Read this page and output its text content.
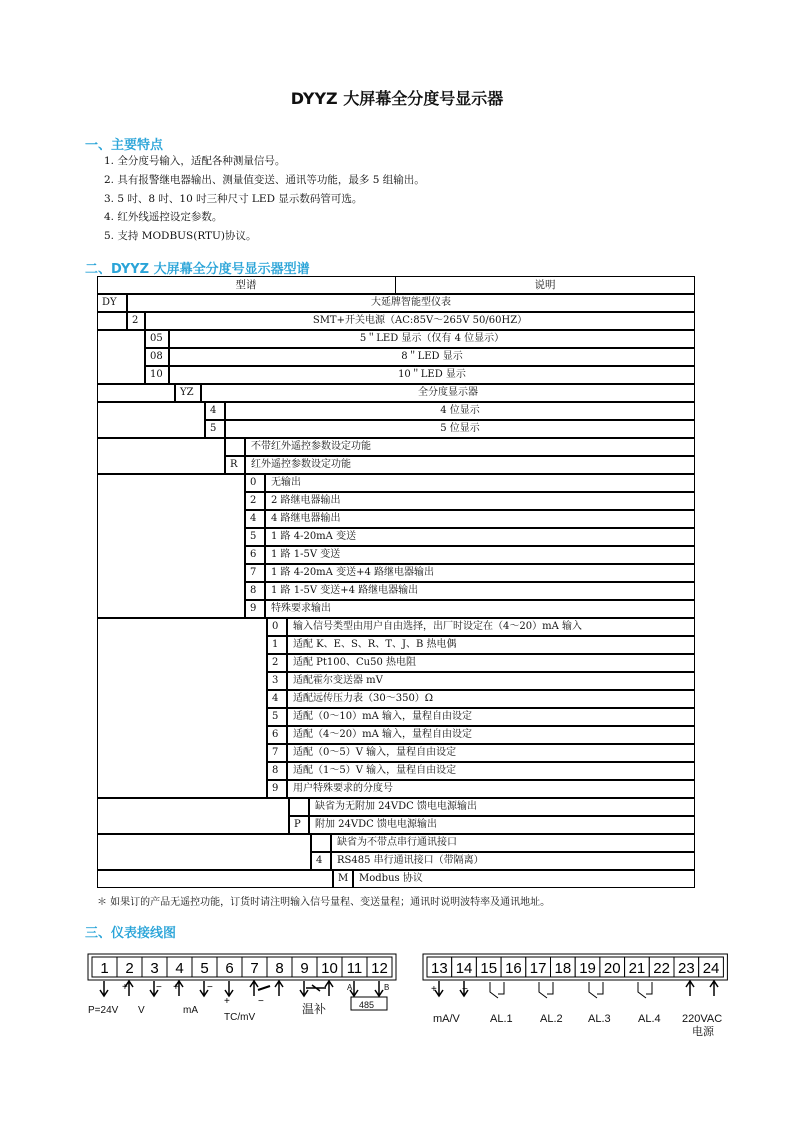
DYYZ 大屏幕全分度号显示器
一、主要特点
1. 全分度号输入，适配各种测量信号。
2. 具有报警继电器输出、测量值变送、通讯等功能，最多 5 组输出。
3. 5 吋、8 吋、10 吋三种尺寸 LED 显示数码管可选。
4. 红外线遥控设定参数。
5. 支持 MODBUS(RTU)协议。
二、DYYZ 大屏幕全分度号显示器型谱
型谱	说明
DY	大延牌智能型仪表
2	SMT+开关电源（AC:85V～265V 50/60HZ）
05	5＂LED 显示（仅有 4 位显示）
08	8＂LED 显示
10	10＂LED 显示
YZ	全分度显示器
4	4 位显示
5	5 位显示
不带红外遥控参数设定功能
R	红外遥控参数设定功能
0	无输出
2	2 路继电器输出
4	4 路继电器输出
5	1 路 4-20mA 变送
6	1 路 1-5V 变送
7	1 路 4-20mA 变送+4 路继电器输出
8	1 路 1-5V 变送+4 路继电器输出
9	特殊要求输出
0	输入信号类型由用户自由选择，出厂时设定在（4～20）mA 输入
1	适配 K、E、S、R、T、J、B 热电偶
2	适配 Pt100、Cu50 热电阻
3	适配霍尔变送器 mV
4	适配远传压力表（30～350）Ω
5	适配（0～10）mA 输入，量程自由设定
6	适配（4～20）mA 输入，量程自由设定
7	适配（0～5）V 输入，量程自由设定
8	适配（1～5）V 输入，量程自由设定
9	用户特殊要求的分度号
缺省为无附加 24VDC 馈电电源输出
P	附加 24VDC 馈电电源输出
缺省为不带点串行通讯接口
4	RS485 串行通讯接口（带隔离）
M	Modbus 协议
＊ 如果订的产品无遥控功能，订货时请注明输入信号量程、变送量程；通讯时说明波特率及通讯地址。
三、仪表接线图
1 2 3 4 5 6 7 8 9 10 11 12	13 14 15 16 17 18 19 20 21 22 23 24
+	− +	−
+	−
+	−
P=24V V	mA
TC/mV
温补
A	B
485
mA/V	AL.1 AL.2 AL.3 AL.4 220VAC
电源
